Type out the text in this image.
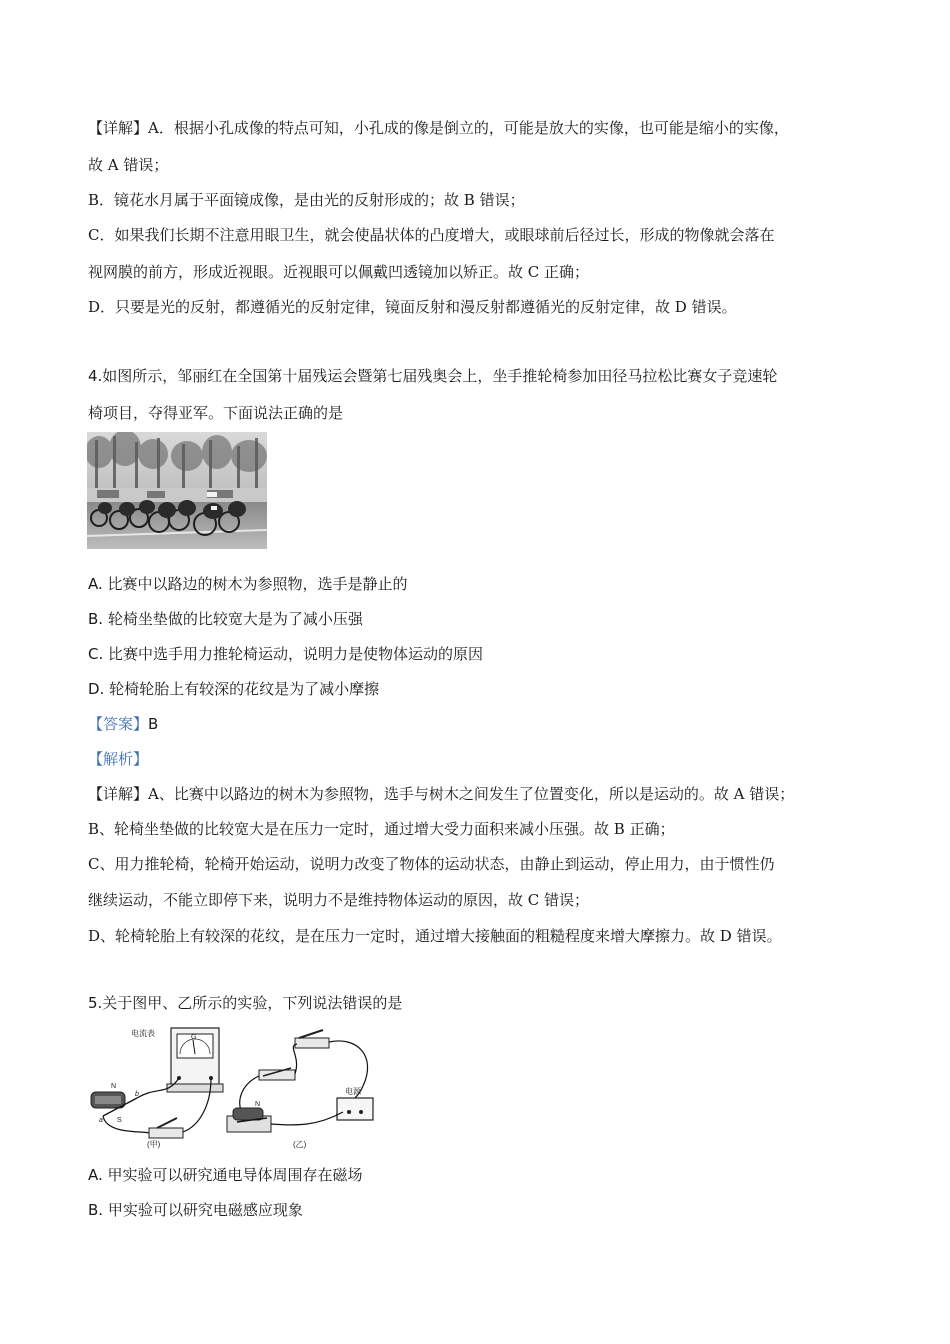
【详解】A．根据小孔成像的特点可知，小孔成的像是倒立的，可能是放大的实像，也可能是缩小的实像，
故 A 错误；
B．镜花水月属于平面镜成像，是由光的反射形成的；故 B 错误；
C．如果我们长期不注意用眼卫生，就会使晶状体的凸度增大，或眼球前后径过长，形成的物像就会落在
视网膜的前方，形成近视眼。近视眼可以佩戴凹透镜加以矫正。故 C 正确；
D．只要是光的反射，都遵循光的反射定律，镜面反射和漫反射都遵循光的反射定律，故 D 错误。
4.如图所示，邹丽红在全国第十届残运会暨第七届残奥会上，坐手推轮椅参加田径马拉松比赛女子竞速轮
椅项目，夺得亚军。下面说法正确的是
A. 比赛中以路边的树木为参照物，选手是静止的
B. 轮椅坐垫做的比较宽大是为了减小压强
C. 比赛中选手用力推轮椅运动，说明力是使物体运动的原因
D. 轮椅轮胎上有较深的花纹是为了减小摩擦
【答案】B
【解析】
【详解】A、比赛中以路边的树木为参照物，选手与树木之间发生了位置变化，所以是运动的。故 A 错误；
B、轮椅坐垫做的比较宽大是在压力一定时，通过增大受力面积来减小压强。故 B 正确；
C、用力推轮椅，轮椅开始运动，说明力改变了物体的运动状态，由静止到运动，停止用力，由于惯性仍
继续运动，不能立即停下来，说明力不是维持物体运动的原因，故 C 错误；
D、轮椅轮胎上有较深的花纹，是在压力一定时，通过增大接触面的粗糙程度来增大摩擦力。故 D 错误。
5.关于图甲、乙所示的实验，下列说法错误的是
电流表	G
N
S
b
a
(甲)
电源
N
(乙)
A. 甲实验可以研究通电导体周围存在磁场
B. 甲实验可以研究电磁感应现象
